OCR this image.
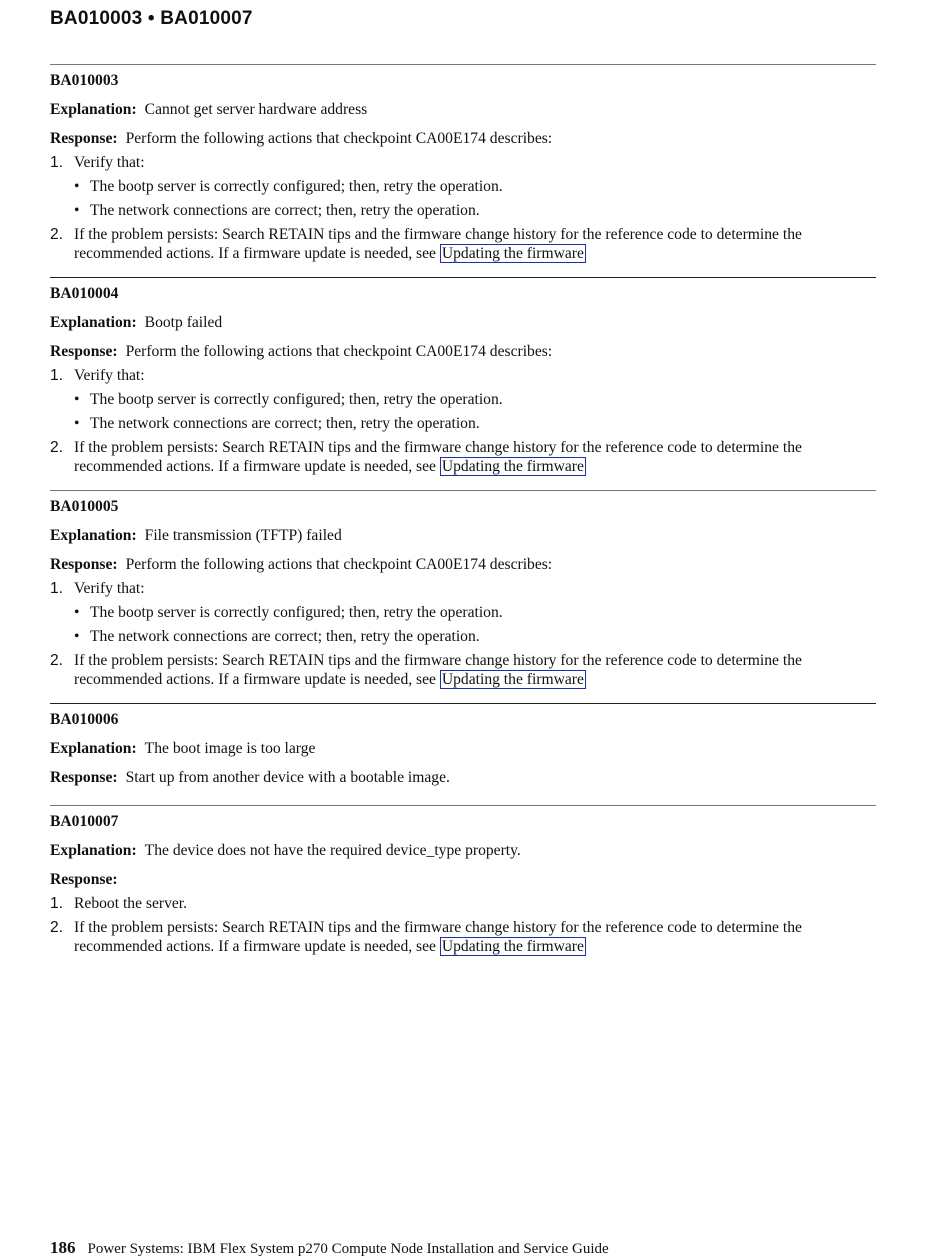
BA010003 • BA010007
BA010003
Explanation: Cannot get server hardware address
Response: Perform the following actions that checkpoint CA00E174 describes:
1. Verify that:
• The bootp server is correctly configured; then, retry the operation.
• The network connections are correct; then, retry the operation.
2. If the problem persists: Search RETAIN tips and the firmware change history for the reference code to determine the recommended actions. If a firmware update is needed, see Updating the firmware
BA010004
Explanation: Bootp failed
Response: Perform the following actions that checkpoint CA00E174 describes:
1. Verify that:
• The bootp server is correctly configured; then, retry the operation.
• The network connections are correct; then, retry the operation.
2. If the problem persists: Search RETAIN tips and the firmware change history for the reference code to determine the recommended actions. If a firmware update is needed, see Updating the firmware
BA010005
Explanation: File transmission (TFTP) failed
Response: Perform the following actions that checkpoint CA00E174 describes:
1. Verify that:
• The bootp server is correctly configured; then, retry the operation.
• The network connections are correct; then, retry the operation.
2. If the problem persists: Search RETAIN tips and the firmware change history for the reference code to determine the recommended actions. If a firmware update is needed, see Updating the firmware
BA010006
Explanation: The boot image is too large
Response: Start up from another device with a bootable image.
BA010007
Explanation: The device does not have the required device_type property.
Response:
1. Reboot the server.
2. If the problem persists: Search RETAIN tips and the firmware change history for the reference code to determine the recommended actions. If a firmware update is needed, see Updating the firmware
186 Power Systems: IBM Flex System p270 Compute Node Installation and Service Guide
